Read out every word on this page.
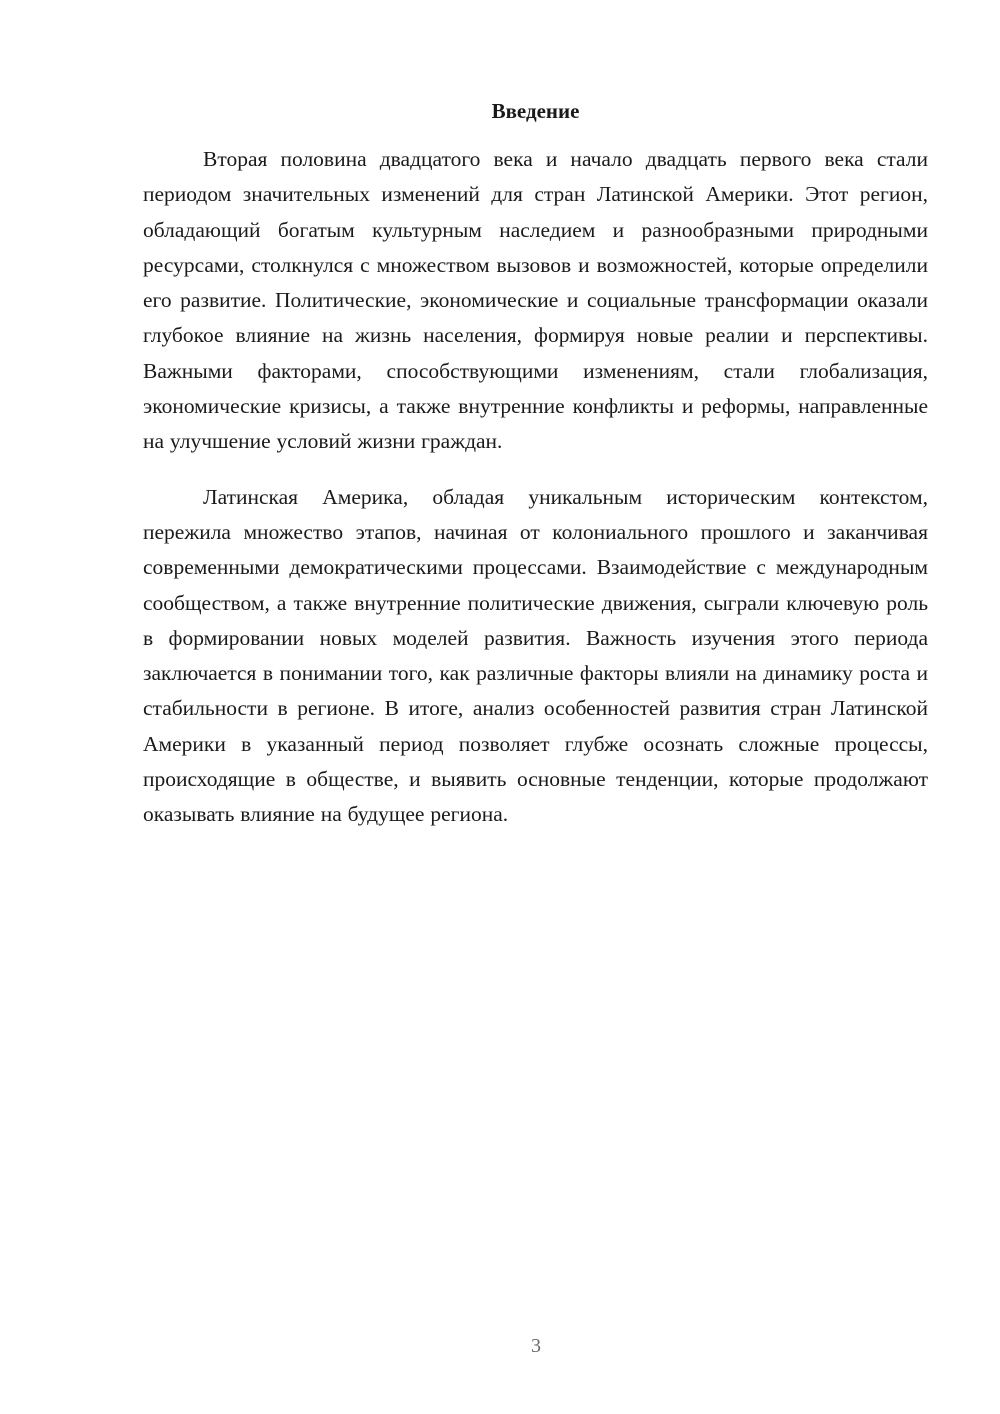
Введение

Вторая половина двадцатого века и начало двадцать первого века стали периодом значительных изменений для стран Латинской Америки. Этот регион, обладающий богатым культурным наследием и разнообразными природными ресурсами, столкнулся с множеством вызовов и возможностей, которые определили его развитие. Политические, экономические и социальные трансформации оказали глубокое влияние на жизнь населения, формируя новые реалии и перспективы. Важными факторами, способствующими изменениям, стали глобализация, экономические кризисы, а также внутренние конфликты и реформы, направленные на улучшение условий жизни граждан.

Латинская Америка, обладая уникальным историческим контекстом, пережила множество этапов, начиная от колониального прошлого и заканчивая современными демократическими процессами. Взаимодействие с международным сообществом, а также внутренние политические движения, сыграли ключевую роль в формировании новых моделей развития. Важность изучения этого периода заключается в понимании того, как различные факторы влияли на динамику роста и стабильности в регионе. В итоге, анализ особенностей развития стран Латинской Америки в указанный период позволяет глубже осознать сложные процессы, происходящие в обществе, и выявить основные тенденции, которые продолжают оказывать влияние на будущее региона.

3
